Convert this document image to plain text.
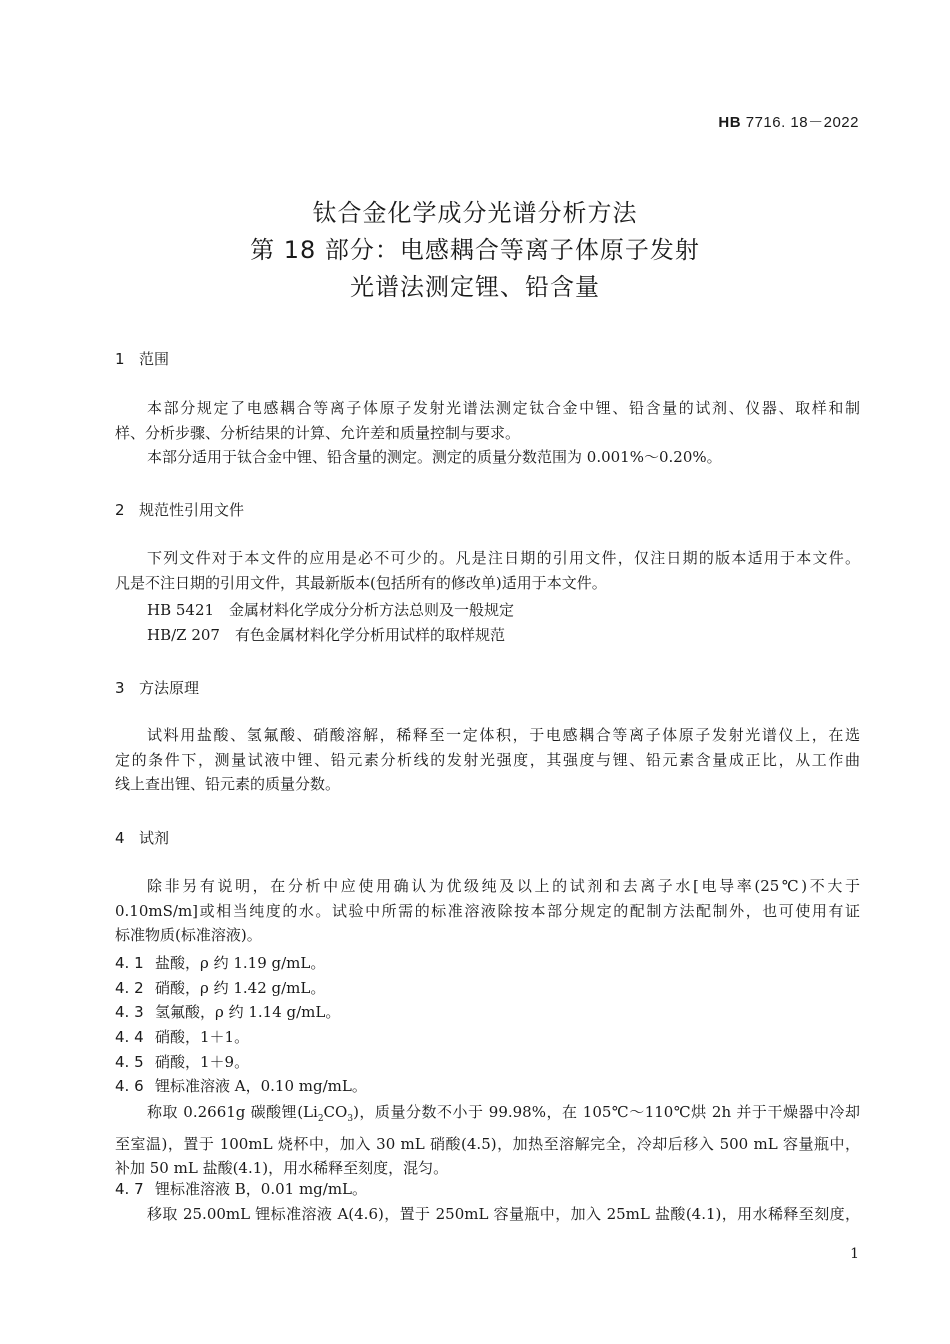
HB 7716. 18－2022
钛合金化学成分光谱分析方法
第 18 部分：电感耦合等离子体原子发射
光谱法测定锂、铅含量
1 范围
本部分规定了电感耦合等离子体原子发射光谱法测定钛合金中锂、铅含量的试剂、仪器、取样和制
样、分析步骤、分析结果的计算、允许差和质量控制与要求。
本部分适用于钛合金中锂、铅含量的测定。测定的质量分数范围为 0.001%～0.20%。
2 规范性引用文件
下列文件对于本文件的应用是必不可少的。凡是注日期的引用文件，仅注日期的版本适用于本文件。
凡是不注日期的引用文件，其最新版本(包括所有的修改单)适用于本文件。
HB 5421　金属材料化学成分分析方法总则及一般规定
HB/Z 207　有色金属材料化学分析用试样的取样规范
3 方法原理
试料用盐酸、氢氟酸、硝酸溶解，稀释至一定体积，于电感耦合等离子体原子发射光谱仪上，在选
定的条件下，测量试液中锂、铅元素分析线的发射光强度，其强度与锂、铅元素含量成正比，从工作曲
线上查出锂、铅元素的质量分数。
4 试剂
除非另有说明，在分析中应使用确认为优级纯及以上的试剂和去离子水[电导率(25℃)不大于
0.10mS/m]或相当纯度的水。试验中所需的标准溶液除按本部分规定的配制方法配制外，也可使用有证
标准物质(标准溶液)。
4. 1 盐酸，ρ 约 1.19 g/mL。
4. 2 硝酸，ρ 约 1.42 g/mL。
4. 3 氢氟酸，ρ 约 1.14 g/mL。
4. 4 硝酸，1＋1。
4. 5 硝酸，1＋9。
4. 6 锂标准溶液 A，0.10 mg/mL。
称取 0.2661g 碳酸锂$(Li_2CO_3)$，质量分数不小于 99.98%，在 105℃～110℃烘 2h 并于干燥器中冷却
至室温)，置于 100mL 烧杯中，加入 30 mL 硝酸(4.5)，加热至溶解完全，冷却后移入 500 mL 容量瓶中，
补加 50 mL 盐酸(4.1)，用水稀释至刻度，混匀。
4. 7 锂标准溶液 B，0.01 mg/mL。
移取 25.00mL 锂标准溶液 A(4.6)，置于 250mL 容量瓶中，加入 25mL 盐酸(4.1)，用水稀释至刻度，
1
